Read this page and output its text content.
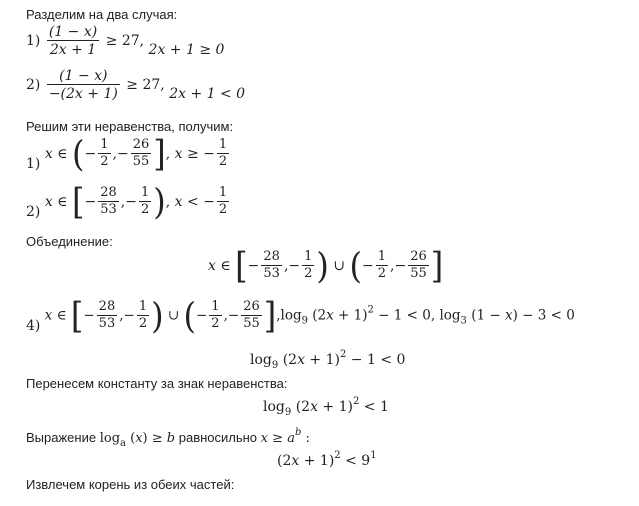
Разделим на два случая:
$1) \frac{(1 - x)}{2x + 1} \ge 27$, 2x + 1 ≥ 0
$2) \frac{(1 - x)}{-(2x + 1)} \ge 27$, 2x + 1 < 0
Решим эти неравенства, получим:
1) x ∈ (− $\frac{1}{2}$ ,− $\frac{26}{55}$ ], x ≥ − $\frac{1}{2}$
2) x ∈ [− $\frac{28}{53}$ ,− $\frac{1}{2}$ ), x < − $\frac{1}{2}$
Объединение:
x ∈ [− $\frac{28}{53}$ ,− $\frac{1}{2}$ ) ∪ (− $\frac{1}{2}$ ,− $\frac{26}{55}$ ]
4) x ∈ [− $\frac{28}{53}$ ,− $\frac{1}{2}$ ) ∪ (− $\frac{1}{2}$ ,− $\frac{26}{55} ],\log_9$ $(2x + 1)^2 - 1 < 0$, $\log_3 (1 - x) - 3 < 0$
$\log_9 (2x + 1)^2 - 1 < 0$
Перенесем константу за знак неравенства:
$\log_9 (2x + 1)^2 < 1$
Выражение $\log_a (x) \ge b$ равносильно $x \ge a^b$ :
$(2x + 1)^2 < 9^1$
Извлечем корень из обеих частей:
